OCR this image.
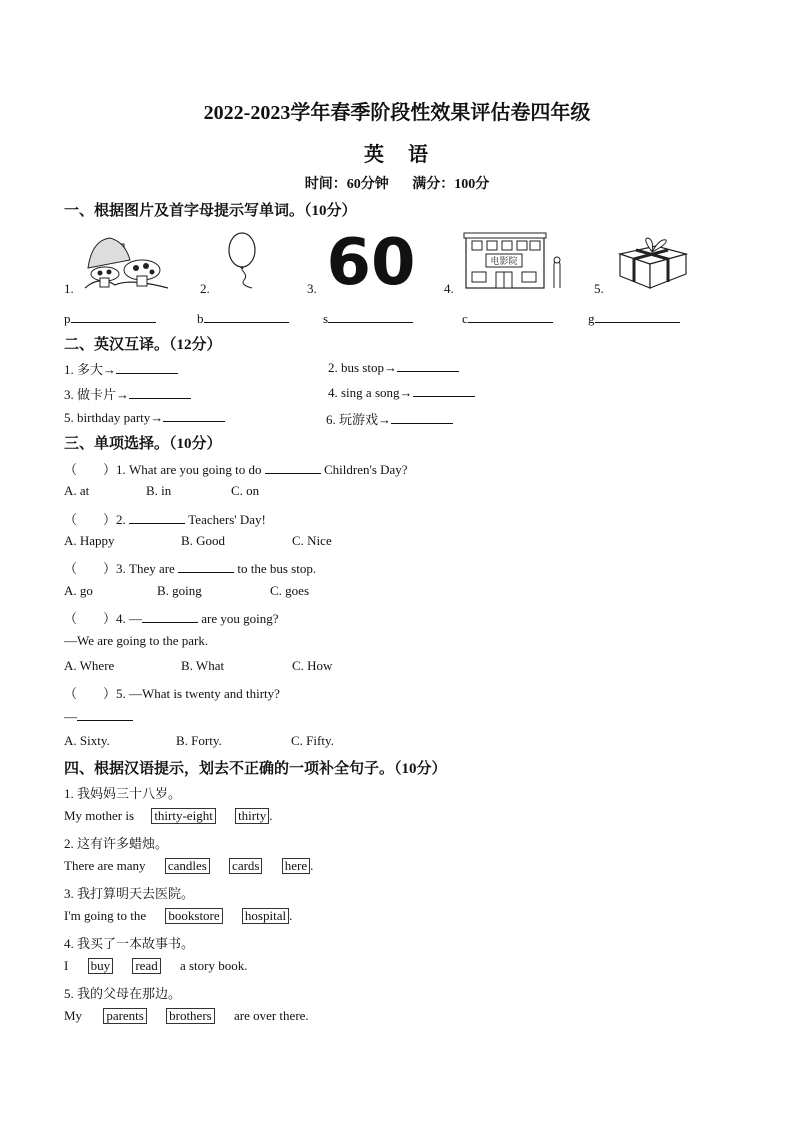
2022-2023学年春季阶段性效果评估卷四年级
英　语
时间：60分钟 满分：100分
一、根据图片及首字母提示写单词。（10分）
60	电影院
1.	2.	3.	4.	5.
p	b	s	c	g
二、英汉互译。（12分）
1. 多大→	2. bus stop→
3. 做卡片→	4. sing a song→
5. birthday party→	6. 玩游戏→
三、单项选择。（10分）
（　　）1. What are you going to do	Children's Day?
A. at	B. in	C. on
（　　）2.	Teachers' Day!
A. Happy	B. Good	C. Nice
（　　）3. They are	to the bus stop.
A. go	B. going	C. goes
（　　）4. —	are you going?
—We are going to the park.
A. Where	B. What	C. How
（　　）5. —What is twenty and thirty?
—
A. Sixty.	B. Forty.	C. Fifty.
四、根据汉语提示，划去不正确的一项补全句子。（10分）
1. 我妈妈三十八岁。
My mother is thirty-eight thirty .
2. 这有许多蜡烛。
There are many candles cards here .
3. 我打算明天去医院。
I'm going to the bookstore hospital .
4. 我买了一本故事书。
I buy read a story book.
5. 我的父母在那边。
My parents brothers are over there.
